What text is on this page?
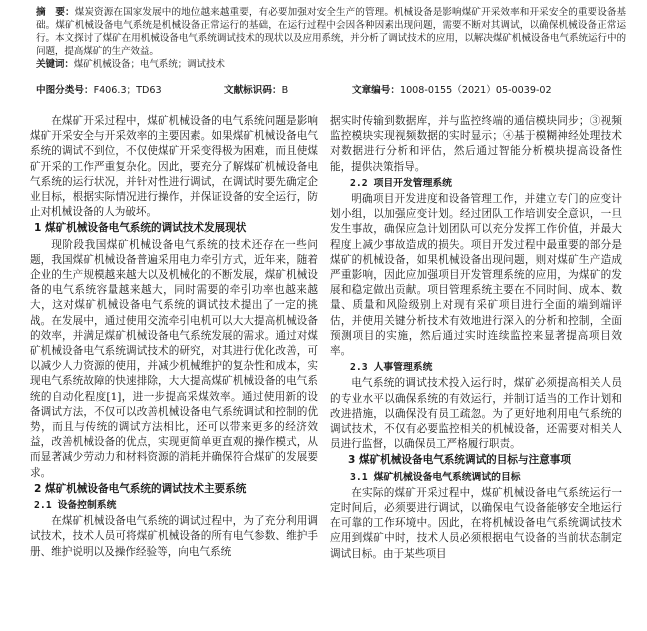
摘　要：煤炭资源在国家发展中的地位越来越重要，有必要加强对安全生产的管理。机械设备是影响煤矿开采效率和开采安全的重要设备基础。煤矿机械设备电气系统是机械设备正常运行的基础，在运行过程中会因各种因素出现问题，需要不断对其调试，以确保机械设备正常运行。本文探讨了煤矿在用机械设备电气系统调试技术的现状以及应用系统，并分析了调试技术的应用，以解决煤矿机械设备电气系统运行中的问题，提高煤矿的生产效益。
关键词：煤矿机械设备；电气系统；调试技术
中图分类号： F406.3；TD63	文献标识码： B	文章编号： 1008-0155（2021）05-0039-02

在煤矿开采过程中，煤矿机械设备的电气系统问题是影响煤矿开采安全与开采效率的主要因素。如果煤矿机械设备电气系统的调试不到位，不仅使煤矿开采变得极为困难，而且使煤矿开采的工作严重复杂化。因此，要充分了解煤矿机械设备电气系统的运行状况，并针对性进行调试，在调试时要先确定企业目标，根据实际情况进行操作，并保证设备的安全运行，防止对机械设备的人为破坏。

1 煤矿机械设备电气系统的调试技术发展现状

现阶段我国煤矿机械设备电气系统的技术还存在一些问题，我国煤矿机械设备普遍采用电力牵引方式，近年来，随着企业的生产规模越来越大以及机械化的不断发展，煤矿机械设备的电气系统容量越来越大，同时需要的牵引功率也越来越大，这对煤矿机械设备电气系统的调试技术提出了一定的挑战。在发展中，通过使用交流牵引电机可以大大提高机械设备的效率，并满足煤矿机械设备电气系统发展的需求。通过对煤矿机械设备电气系统调试技术的研究，对其进行优化改善，可以减少人力资源的使用，并减少机械维护的复杂性和成本，实现电气系统故障的快速排除，大大提高煤矿机械设备的电气系统的自动化程度[1]，进一步提高采煤效率。通过使用新的设备调试方法，不仅可以改善机械设备电气系统调试和控制的优势，而且与传统的调试方法相比，还可以带来更多的经济效益，改善机械设备的优点，实现更简单更直观的操作模式，从而显著减少劳动力和材料资源的消耗并确保符合煤矿的发展要求。

2 煤矿机械设备电气系统的调试技术主要系统
2.1 设备控制系统

在煤矿机械设备电气系统的调试过程中，为了充分利用调试技术，技术人员可将煤矿机械设备的所有电气参数、维护手册、维护说明以及操作经验等，向电气系统

据实时传输到数据库，并与监控终端的通信模块同步；③视频监控模块实现视频数据的实时显示；④基于模糊神经处理技术对数据进行分析和评估，然后通过智能分析模块提高设备性能，提供决策指导。

2.2 项目开发管理系统

明确项目开发进度和设备管理工作，并建立专门的应变计划小组，以加强应变计划。经过团队工作培训安全意识，一旦发生事故，确保应急计划团队可以充分发挥工作价值，并最大程度上减少事故造成的损失。项目开发过程中最重要的部分是煤矿的机械设备，如果机械设备出现问题，则对煤矿生产造成严重影响，因此应加强项目开发管理系统的应用，为煤矿的发展和稳定做出贡献。项目管理系统主要在不同时间、成本、数量、质量和风险级别上对现有采矿项目进行全面的端到端评估，并使用关键分析技术有效地进行深入的分析和控制，全面预测项目的实施，然后通过实时连续监控来显著提高项目效率。

2.3 人事管理系统

电气系统的调试技术投入运行时，煤矿必须提高相关人员的专业水平以确保系统的有效运行，并制订适当的工作计划和改进措施，以确保没有员工疏忽。为了更好地利用电气系统的调试技术，不仅有必要监控相关的机械设备，还需要对相关人员进行监督，以确保员工严格履行职责。

3 煤矿机械设备电气系统调试的目标与注意事项
3.1 煤矿机械设备电气系统调试的目标

在实际的煤矿开采过程中，煤矿机械设备电气系统运行一定时间后，必须要进行调试，以确保电气设备能够安全地运行在可靠的工作环境中。因此，在将机械设备电气系统调试技术应用到煤矿中时，技术人员必须根据电气设备的当前状态制定调试目标。由于某些项目
